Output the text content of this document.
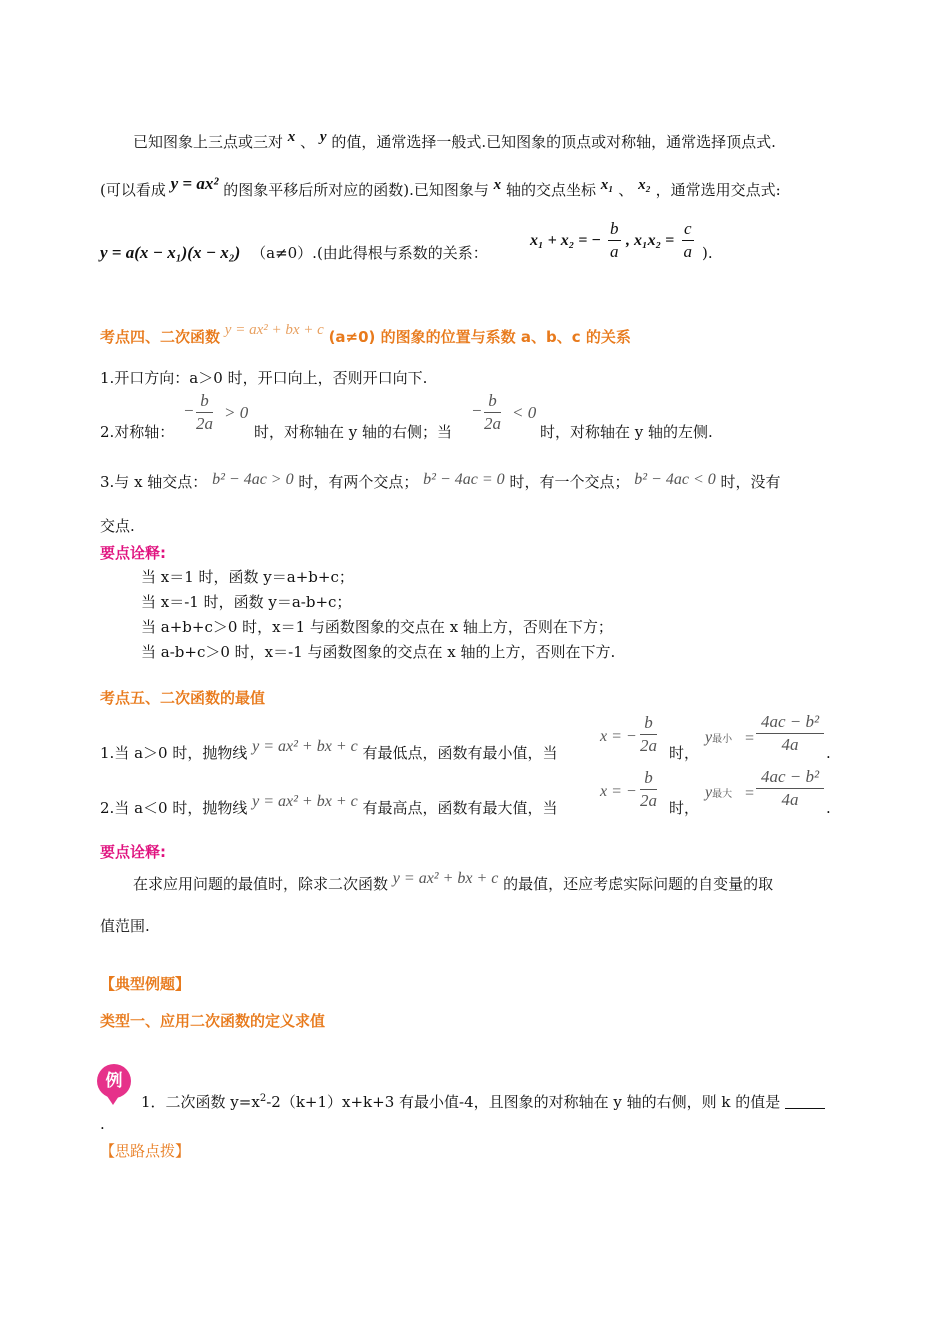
已知图象上三点或三对 x 、 y 的值，通常选择一般式.已知图象的顶点或对称轴，通常选择顶点式.
(可以看成 y = ax² 的图象平移后所对应的函数).已知图象与 x 轴的交点坐标 x₁ 、 x₂ ，通常选用交点式:
y = a(x − x₁)(x − x₂) （a≠0）.(由此得根与系数的关系：
x₁ + x₂ = − $\frac{b}{a}$ , $x_1x_2 = \frac{c}{a}$ ).
考点四、二次函数 y = ax² + bx + c (a≠0) 的图象的位置与系数 a、b、c 的关系
1.开口方向：a＞0 时，开口向上，否则开口向下.
2.对称轴：
− $\frac{b}{2a} > 0$
时，对称轴在 y 轴的右侧；当
− $\frac{b}{2a} < 0$
时，对称轴在 y 轴的左侧.
3.与 x 轴交点： b² − 4ac > 0 时，有两个交点； b² − 4ac = 0 时，有一个交点； b² − 4ac < 0 时，没有
交点.
要点诠释:
当 x＝1 时，函数 y＝a+b+c；
当 x＝-1 时，函数 y＝a-b+c；
当 a+b+c＞0 时，x＝1 与函数图象的交点在 x 轴上方，否则在下方；
当 a-b+c＞0 时，x＝-1 与函数图象的交点在 x 轴的上方，否则在下方.
考点五、二次函数的最值
1.当 a＞0 时，抛物线 y = ax² + bx + c 有最低点，函数有最小值，当
x = − $\frac{b}{2a}$ 时，
y最小 = $\frac{\text{4ac − b²}}{4a}$ .
2.当 a＜0 时，抛物线 y = ax² + bx + c 有最高点，函数有最大值，当
x = − $\frac{b}{2a}$ 时，
y最大 = $\frac{\text{4ac − b²}}{4a}$ .
要点诠释:
在求应用问题的最值时，除求二次函数 y = ax² + bx + c 的最值，还应考虑实际问题的自变量的取
值范围.
【典型例题】
类型一、应用二次函数的定义求值
例
1．二次函数 $y=x^2-2(k+1)x+k+3$ 有最小值-4，且图象的对称轴在 y 轴的右侧，则 k 的值是
.
【思路点拨】
